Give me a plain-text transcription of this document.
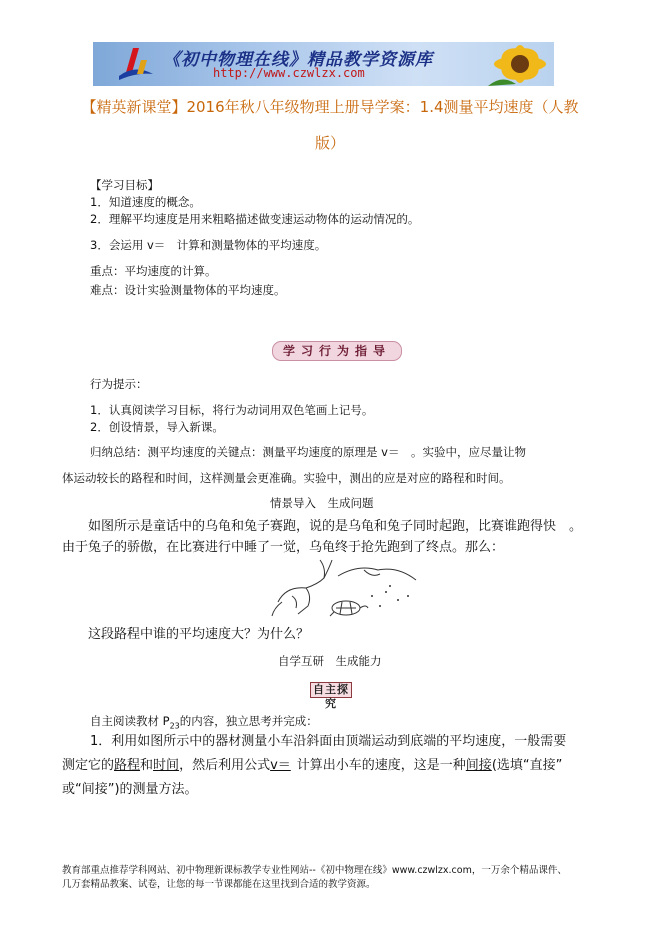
《初中物理在线》精品教学资源库
http://www.czwlzx.com
【精英新课堂】2016年秋八年级物理上册导学案：1.4测量平均速度（人教
版）
【学习目标】
1．知道速度的概念。
2．理解平均速度是用来粗略描述做变速运动物体的运动情况的。
3．会运用 v＝　计算和测量物体的平均速度。
重点：平均速度的计算。
难点：设计实验测量物体的平均速度。
学习行为指导
行为提示：
1．认真阅读学习目标，将行为动词用双色笔画上记号。
2．创设情景，导入新课。
归纳总结：测平均速度的关键点：测量平均速度的原理是 v＝　。实验中，应尽量让物
体运动较长的路程和时间，这样测量会更准确。实验中，测出的应是对应的路程和时间。
情景导入　生成问题
如图所示是童话中的乌龟和兔子赛跑，说的是乌龟和兔子同时起跑，比赛谁跑得快　。
由于兔子的骄傲，在比赛进行中睡了一觉，乌龟终于抢先跑到了终点。那么：
这段路程中谁的平均速度大？为什么？
自学互研　生成能力
自主探究
自主阅读教材 $P_{23}$的内容，独立思考并完成：
1．利用如图所示中的器材测量小车沿斜面由顶端运动到底端的平均速度，一般需要
测定它的路程和时间，然后利用公式v＝ 计算出小车的速度，这是一种间接(选填“直接”
或“间接”)的测量方法。
教育部重点推荐学科网站、初中物理新课标教学专业性网站--《初中物理在线》www.czwlzx.com，一万余个精品课件、
几万套精品教案、试卷，让您的每一节课都能在这里找到合适的教学资源。
